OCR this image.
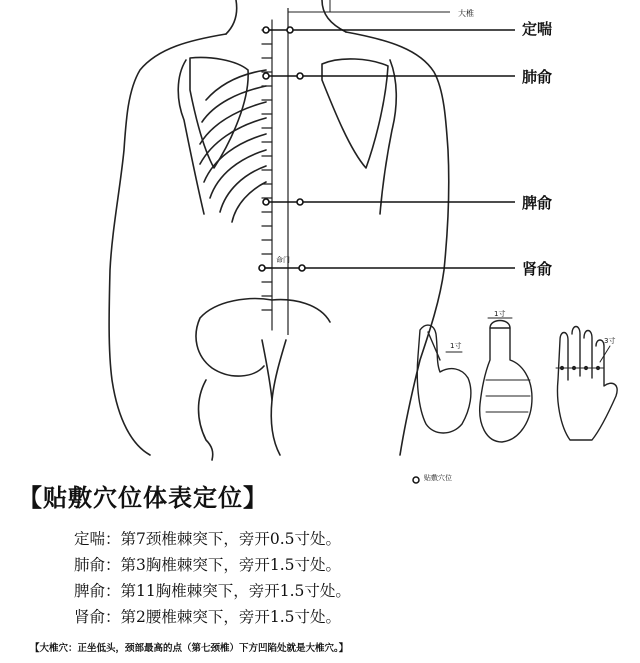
大椎
命门
定喘
肺俞
脾俞
肾俞
1寸
1寸
3寸
贴敷穴位
【贴敷穴位体表定位】
定喘：第7颈椎棘突下，旁开0.5寸处。
肺俞：第3胸椎棘突下，旁开1.5寸处。
脾俞：第11胸椎棘突下，旁开1.5寸处。
肾俞：第2腰椎棘突下，旁开1.5寸处。
【大椎穴：正坐低头，颈部最高的点（第七颈椎）下方凹陷处就是大椎穴。】
